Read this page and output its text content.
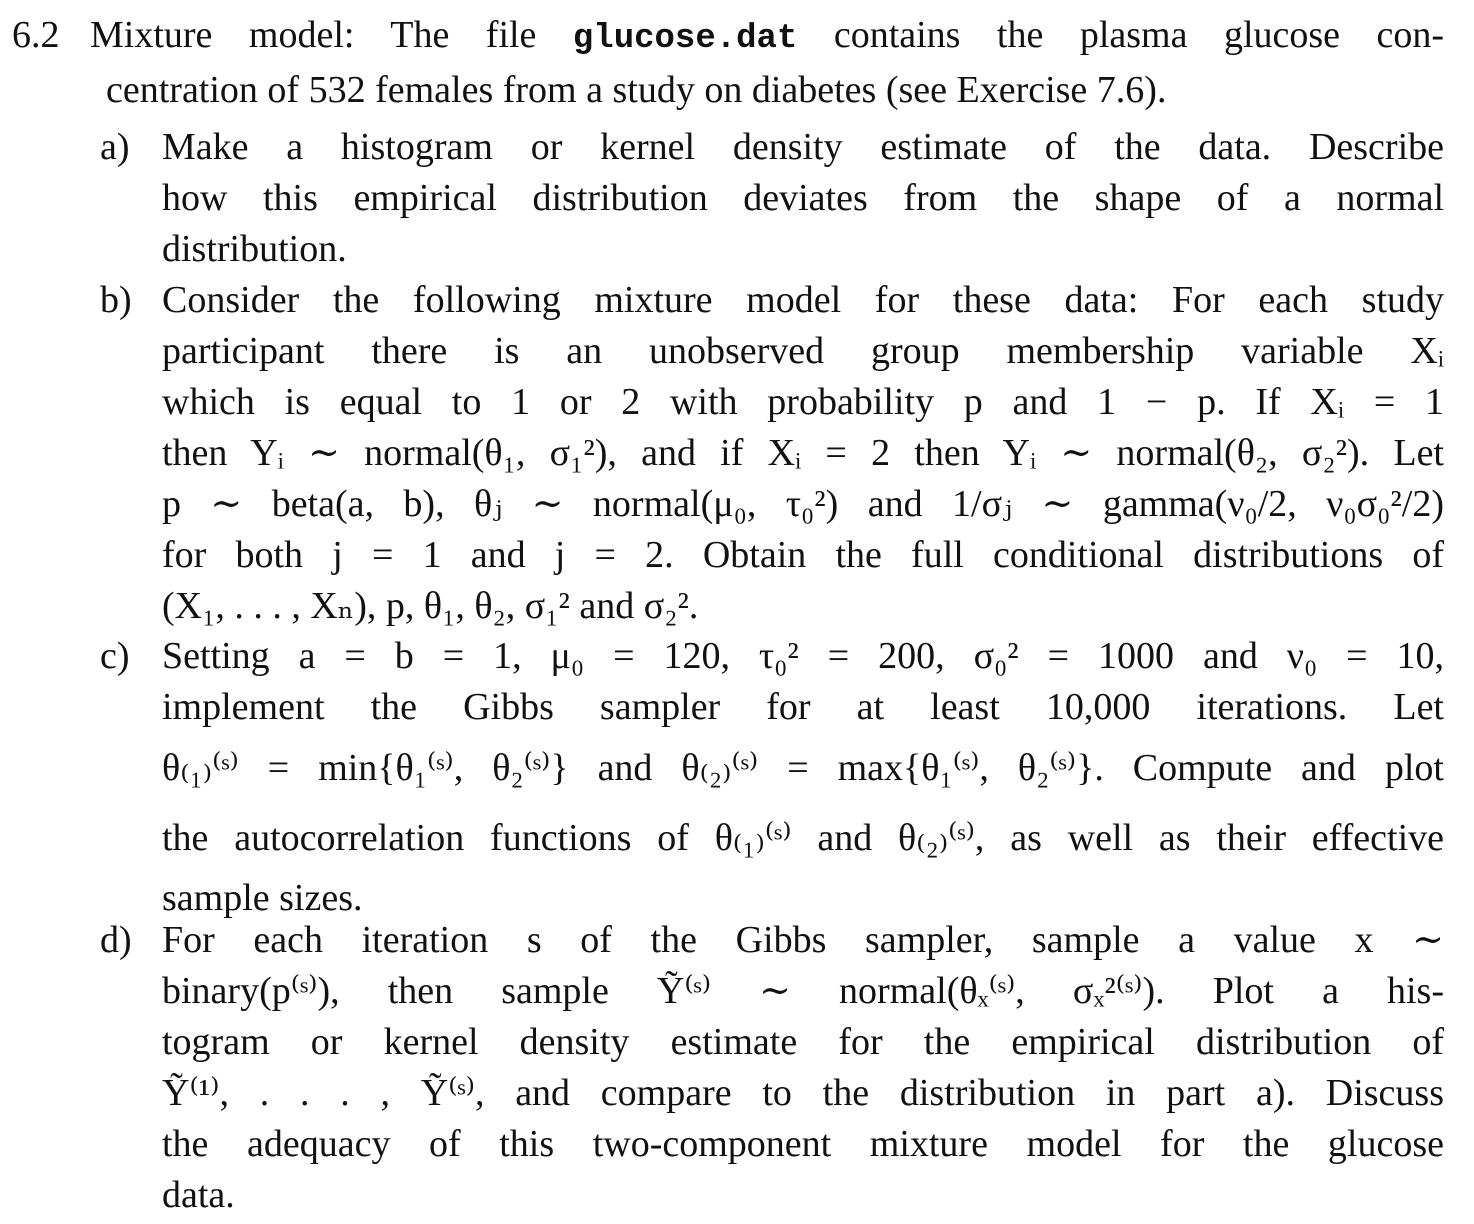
6.2 Mixture model: The file glucose.dat contains the plasma glucose con-
centration of 532 females from a study on diabetes (see Exercise 7.6).
a) Make a histogram or kernel density estimate of the data. Describe
how this empirical distribution deviates from the shape of a normal
distribution.
b) Consider the following mixture model for these data: For each study
participant there is an unobserved group membership variable Xᵢ
which is equal to 1 or 2 with probability p and 1 − p. If Xᵢ = 1
then Yᵢ ∼ normal(θ₁, σ₁²), and if Xᵢ = 2 then Yᵢ ∼ normal(θ₂, σ₂²). Let
p ∼ beta(a, b), θⱼ ∼ normal(μ₀, τ₀²) and 1/σⱼ ∼ gamma(ν₀/2, ν₀σ₀²/2)
for both j = 1 and j = 2. Obtain the full conditional distributions of
(X₁, . . . , Xₙ), p, θ₁, θ₂, σ₁² and σ₂².
c) Setting a = b = 1, μ₀ = 120, τ₀² = 200, σ₀² = 1000 and ν₀ = 10,
implement the Gibbs sampler for at least 10,000 iterations. Let
θ₍₁₎⁽ˢ⁾ = min{θ₁⁽ˢ⁾, θ₂⁽ˢ⁾} and θ₍₂₎⁽ˢ⁾ = max{θ₁⁽ˢ⁾, θ₂⁽ˢ⁾}. Compute and plot
the autocorrelation functions of θ₍₁₎⁽ˢ⁾ and θ₍₂₎⁽ˢ⁾, as well as their effective
sample sizes.
d) For each iteration s of the Gibbs sampler, sample a value x ∼
binary(p⁽ˢ⁾), then sample Ỹ⁽ˢ⁾ ∼ normal(θₓ⁽ˢ⁾, σₓ²⁽ˢ⁾). Plot a his-
togram or kernel density estimate for the empirical distribution of
Ỹ⁽¹⁾, . . . , Ỹ⁽ˢ⁾, and compare to the distribution in part a). Discuss
the adequacy of this two-component mixture model for the glucose
data.
